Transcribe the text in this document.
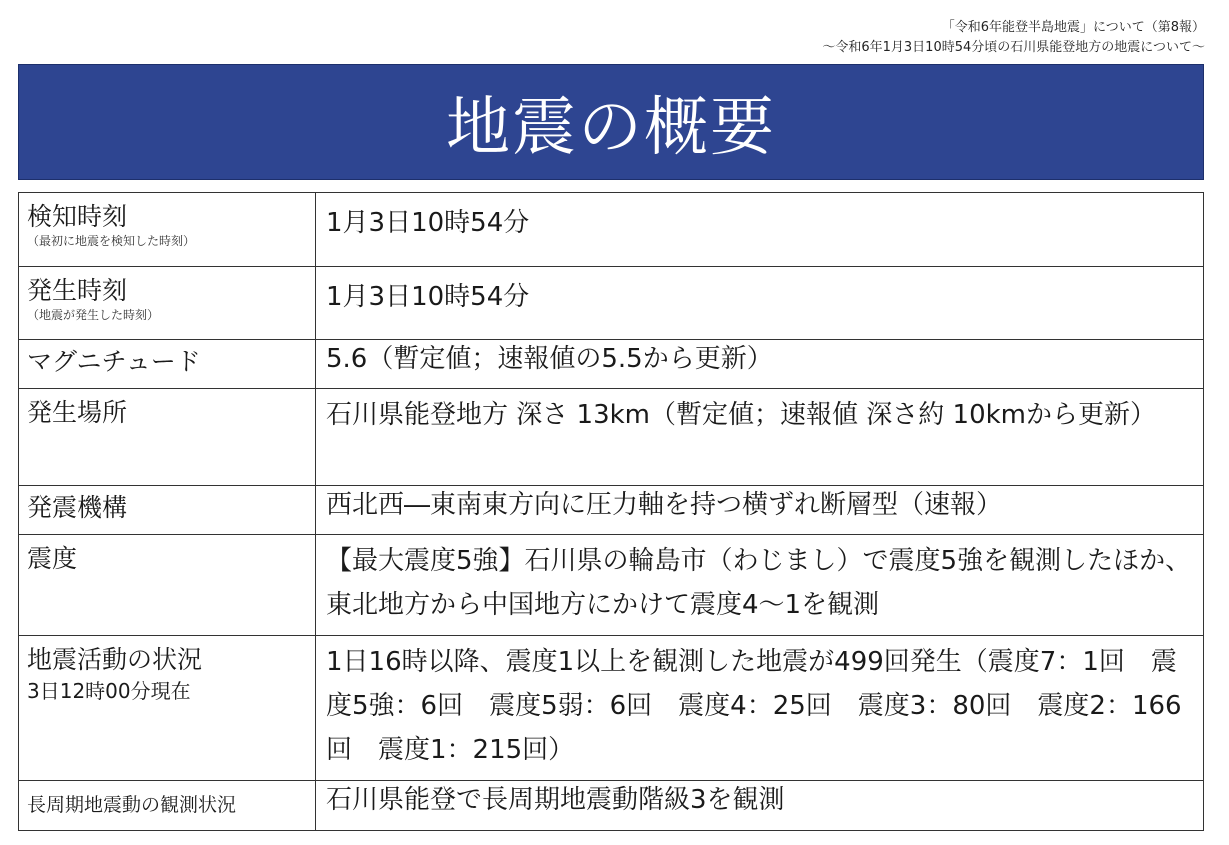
「令和6年能登半島地震」について（第8報）
～令和6年1月3日10時54分頃の石川県能登地方の地震について～
地震の概要
検知時刻
（最初に地震を検知した時刻）	1月3日10時54分

発生時刻
（地震が発生した時刻）	1月3日10時54分

マグニチュード	5.6（暫定値；速報値の5.5から更新）

発生場所	石川県能登地方 深さ 13km（暫定値；速報値 深さ約 10kmから更新）

発震機構	西北西―東南東方向に圧力軸を持つ横ずれ断層型（速報）

震度	【最大震度5強】石川県の輪島市（わじまし）で震度5強を観測したほか、東北地方から中国地方にかけて震度4～1を観測

地震活動の状況
3日12時00分現在	1日16時以降、震度1以上を観測した地震が499回発生（震度7：1回　震度5強：6回　震度5弱：6回　震度4：25回　震度3：80回　震度2：166回　震度1：215回）

長周期地震動の観測状況	石川県能登で長周期地震動階級3を観測
